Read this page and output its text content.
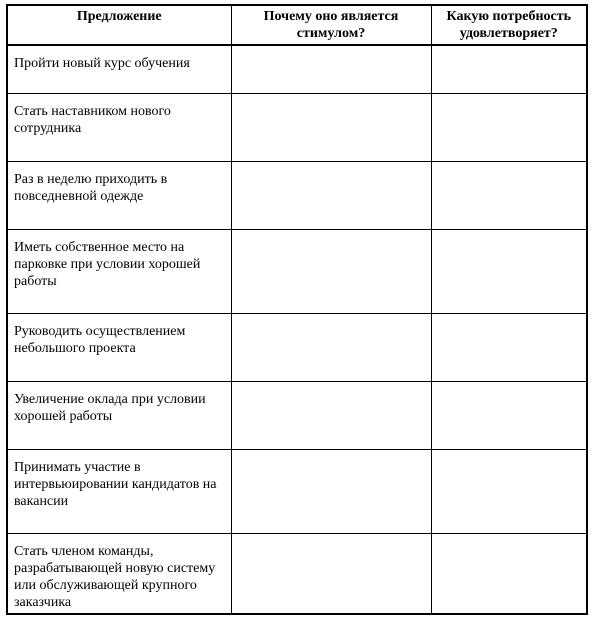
Предложение	Почему оно является стимулом?	Какую потребность удовлетворяет?
Пройти новый курс обучения		
Стать наставником нового сотрудника		
Раз в неделю приходить в повседневной одежде		
Иметь собственное место на парковке при условии хорошей работы		
Руководить осуществлением небольшого проекта		
Увеличение оклада при условии хорошей работы		
Принимать участие в интервьюировании кандидатов на вакансии		
Стать членом команды, разрабатывающей новую систему или обслуживающей крупного заказчика		
